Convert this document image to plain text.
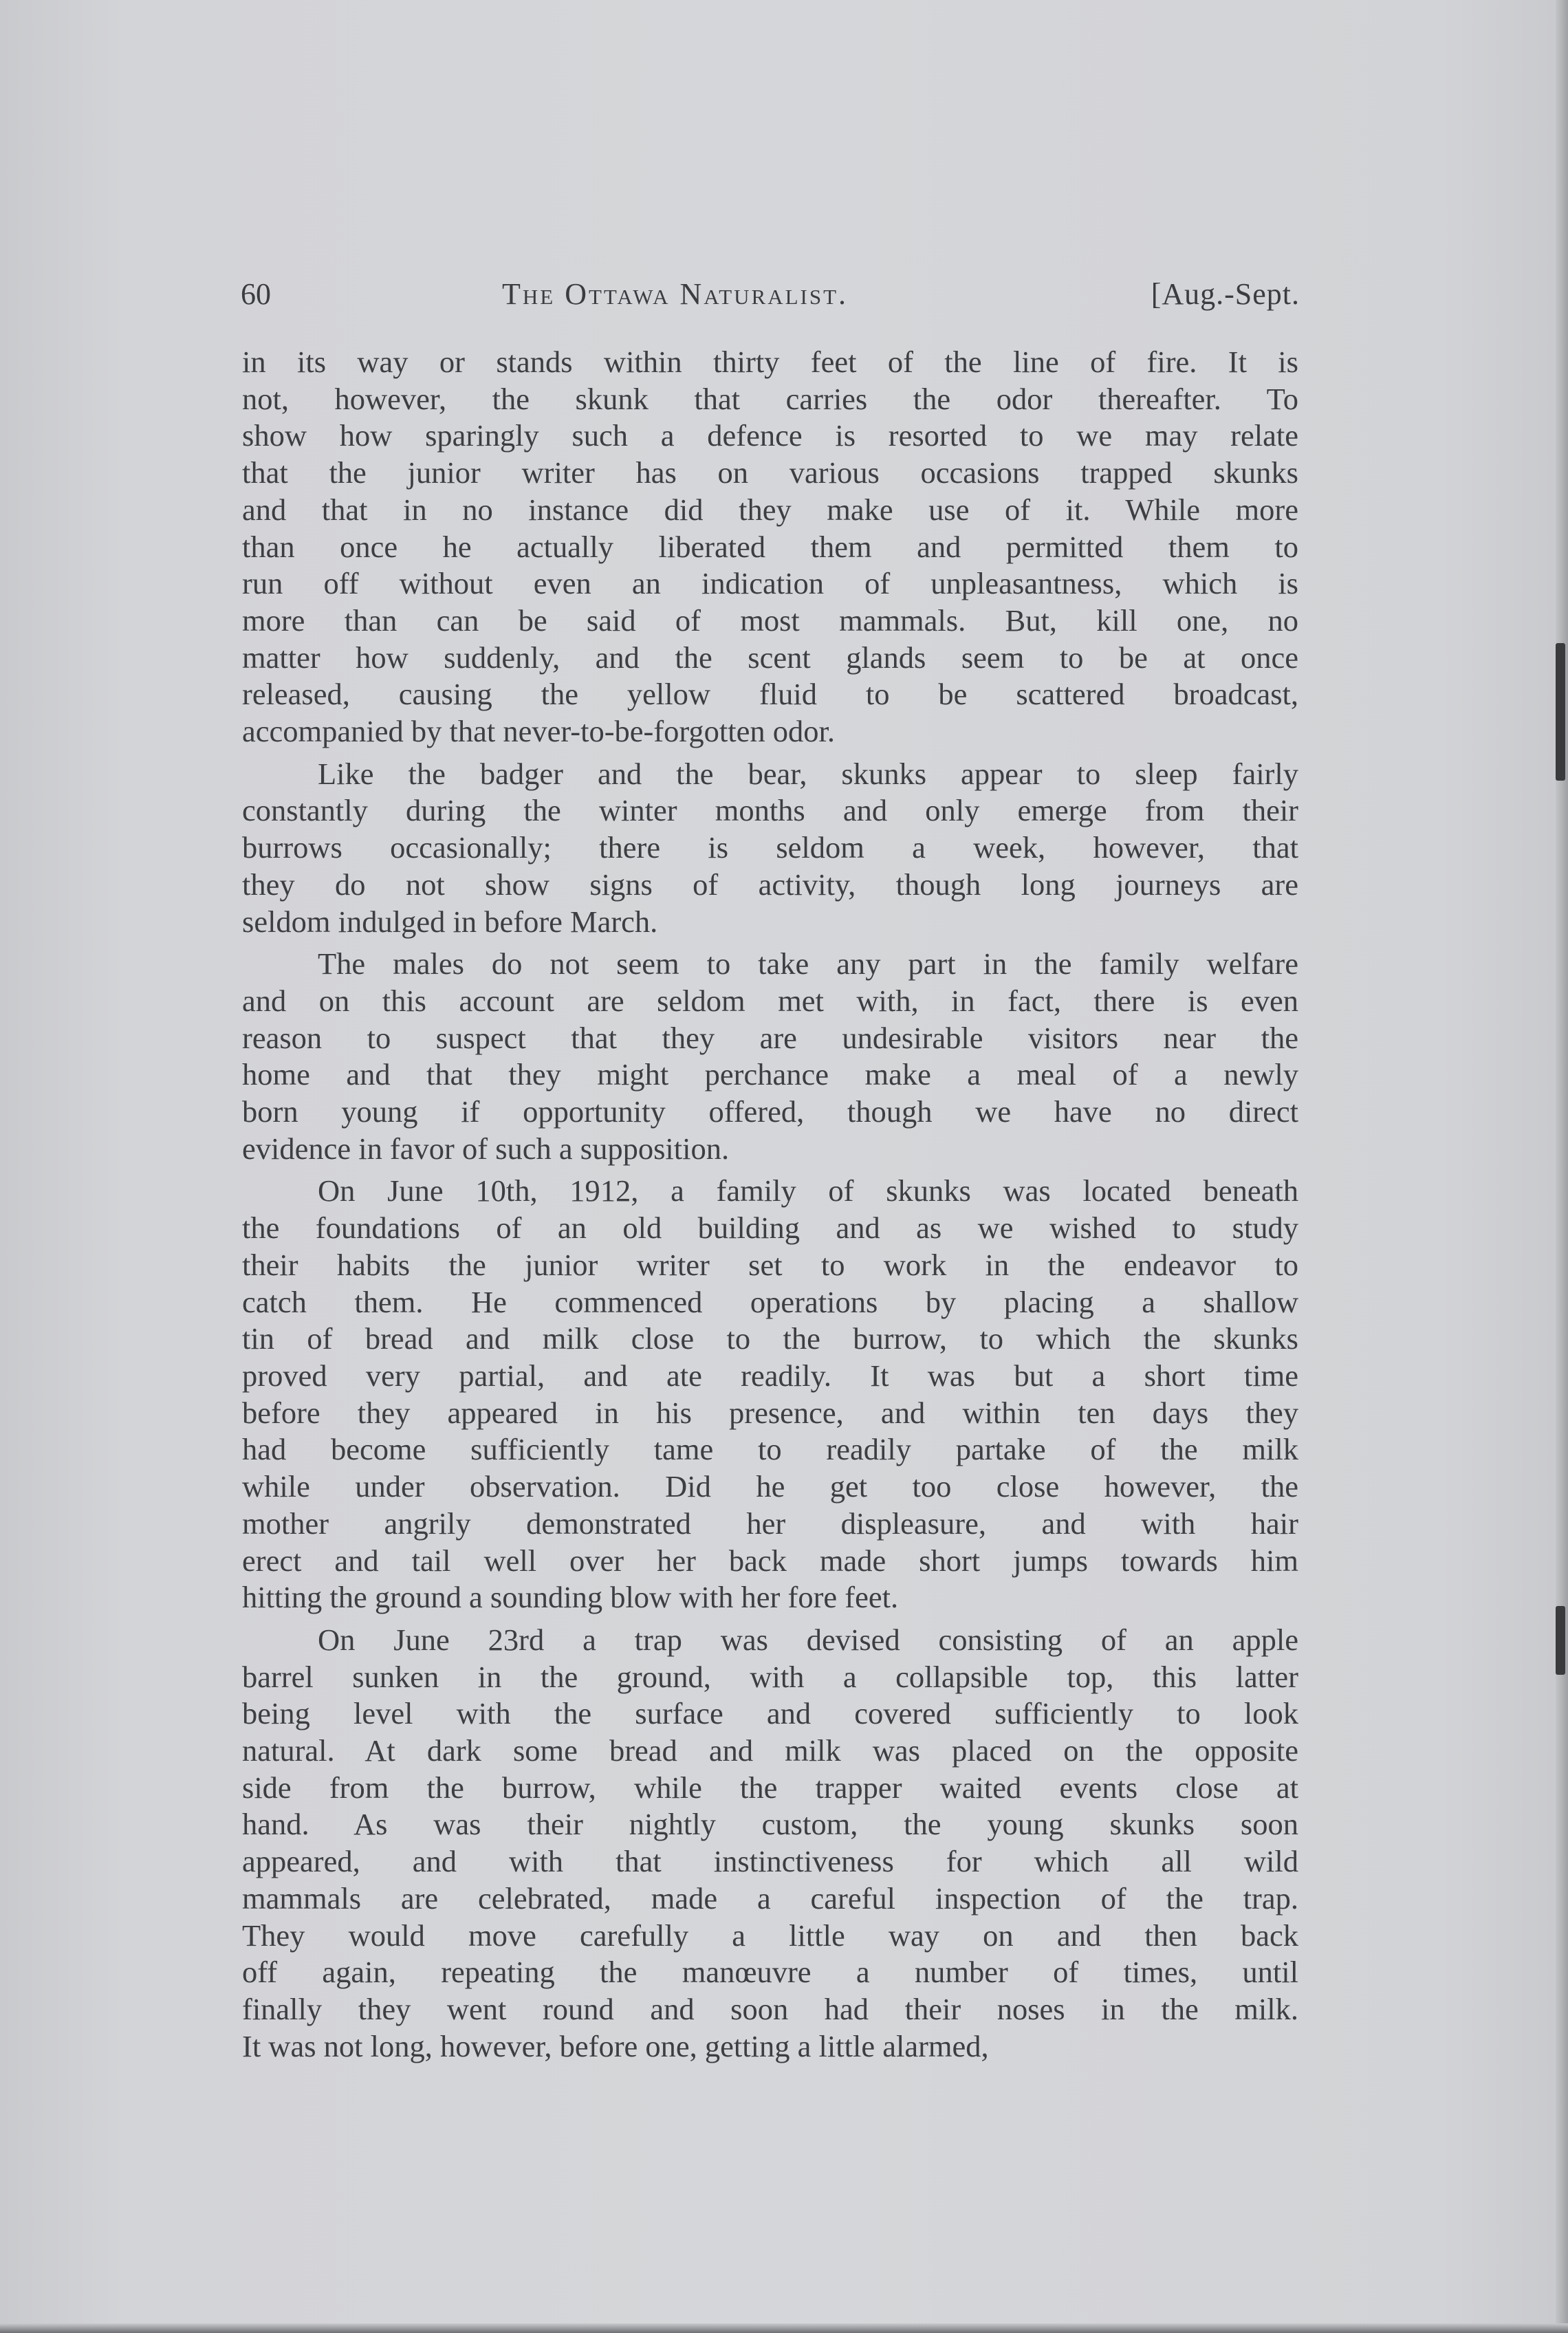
60	The Ottawa Naturalist.	[Aug.-Sept.

in its way or stands within thirty feet of the line of fire. It is
not, however, the skunk that carries the odor thereafter. To
show how sparingly such a defence is resorted to we may relate
that the junior writer has on various occasions trapped skunks
and that in no instance did they make use of it. While more
than once he actually liberated them and permitted them to
run off without even an indication of unpleasantness, which is
more than can be said of most mammals. But, kill one, no
matter how suddenly, and the scent glands seem to be at once
released, causing the yellow fluid to be scattered broadcast,
accompanied by that never-to-be-forgotten odor.

Like the badger and the bear, skunks appear to sleep fairly
constantly during the winter months and only emerge from their
burrows occasionally; there is seldom a week, however, that
they do not show signs of activity, though long journeys are
seldom indulged in before March.

The males do not seem to take any part in the family welfare
and on this account are seldom met with, in fact, there is even
reason to suspect that they are undesirable visitors near the
home and that they might perchance make a meal of a newly
born young if opportunity offered, though we have no direct
evidence in favor of such a supposition.

On June 10th, 1912, a family of skunks was located beneath
the foundations of an old building and as we wished to study
their habits the junior writer set to work in the endeavor to
catch them. He commenced operations by placing a shallow
tin of bread and milk close to the burrow, to which the skunks
proved very partial, and ate readily. It was but a short time
before they appeared in his presence, and within ten days they
had become sufficiently tame to readily partake of the milk
while under observation. Did he get too close however, the
mother angrily demonstrated her displeasure, and with hair
erect and tail well over her back made short jumps towards him
hitting the ground a sounding blow with her fore feet.

On June 23rd a trap was devised consisting of an apple
barrel sunken in the ground, with a collapsible top, this latter
being level with the surface and covered sufficiently to look
natural. At dark some bread and milk was placed on the opposite
side from the burrow, while the trapper waited events close at
hand. As was their nightly custom, the young skunks soon
appeared, and with that instinctiveness for which all wild
mammals are celebrated, made a careful inspection of the trap.
They would move carefully a little way on and then back
off again, repeating the manœuvre a number of times, until
finally they went round and soon had their noses in the milk.
It was not long, however, before one, getting a little alarmed,
